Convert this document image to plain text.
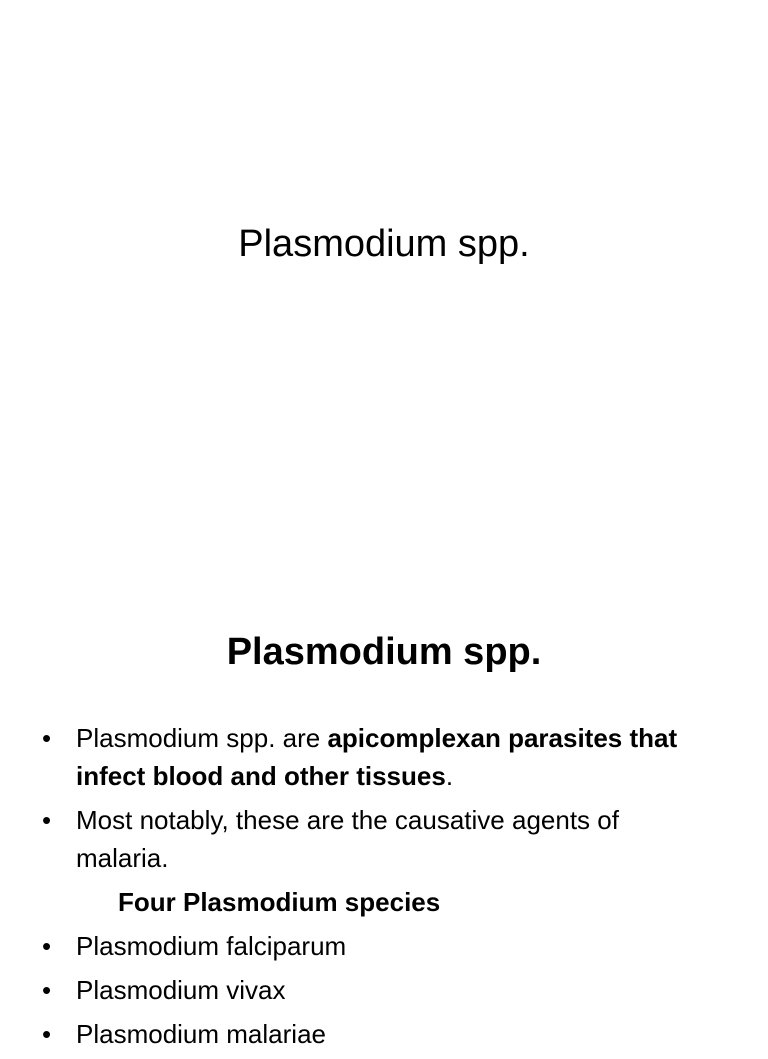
Plasmodium spp.
Plasmodium spp.
• Plasmodium spp. are apicomplexan parasites that infect blood and other tissues.
• Most notably, these are the causative agents of malaria.
Four Plasmodium species
• Plasmodium falciparum
• Plasmodium vivax
• Plasmodium malariae
